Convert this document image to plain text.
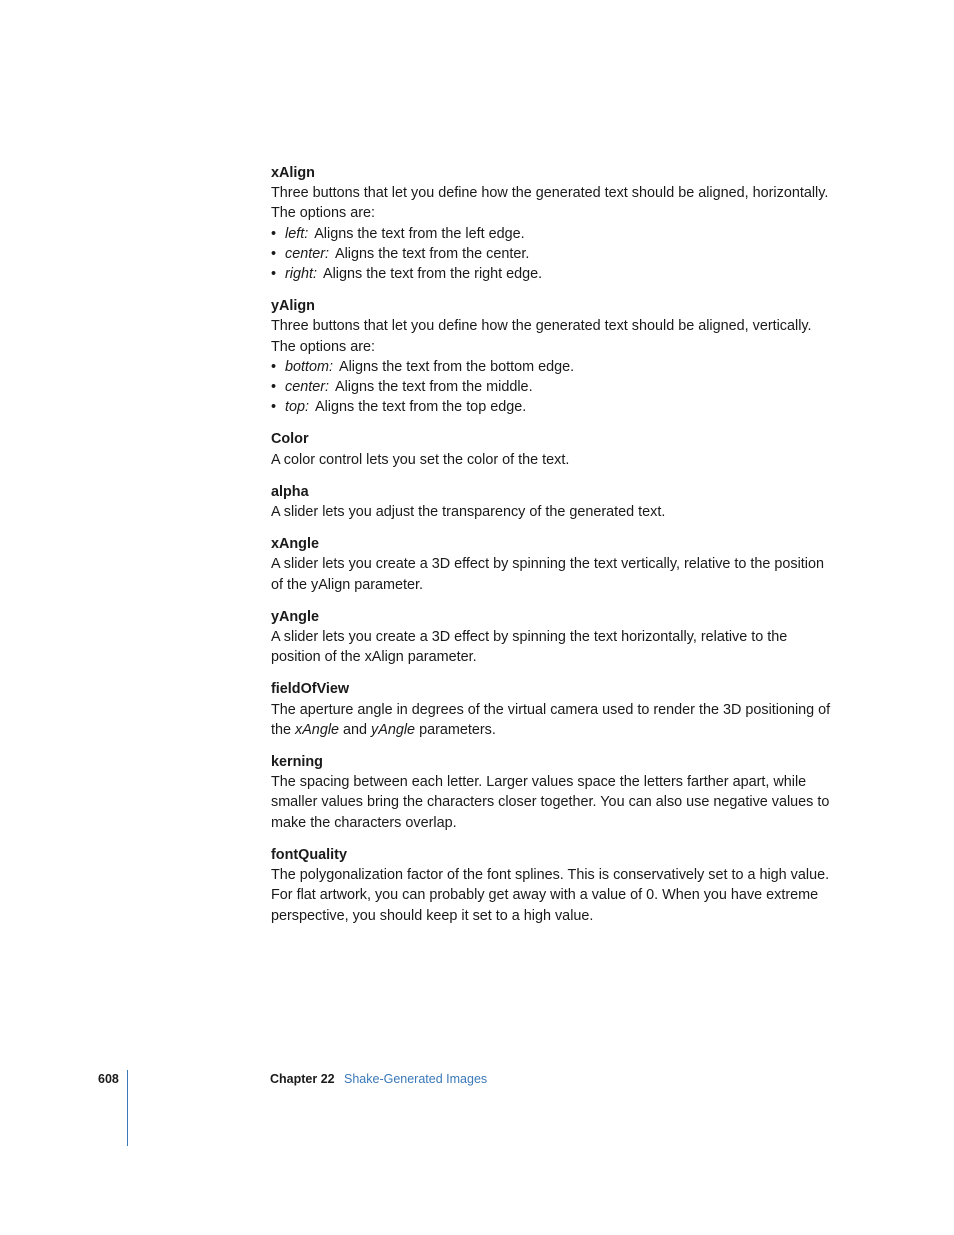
xAlign

Three buttons that let you define how the generated text should be aligned, horizontally. The options are:

• left: Aligns the text from the left edge.
• center: Aligns the text from the center.
• right: Aligns the text from the right edge.
yAlign

Three buttons that let you define how the generated text should be aligned, vertically. The options are:

• bottom: Aligns the text from the bottom edge.
• center: Aligns the text from the middle.
• top: Aligns the text from the top edge.
Color

A color control lets you set the color of the text.

alpha

A slider lets you adjust the transparency of the generated text.

xAngle

A slider lets you create a 3D effect by spinning the text vertically, relative to the position of the yAlign parameter.

yAngle

A slider lets you create a 3D effect by spinning the text horizontally, relative to the position of the xAlign parameter.

fieldOfView

The aperture angle in degrees of the virtual camera used to render the 3D positioning of the xAngle and yAngle parameters.

kerning

The spacing between each letter. Larger values space the letters farther apart, while smaller values bring the characters closer together. You can also use negative values to make the characters overlap.

fontQuality

The polygonalization factor of the font splines. This is conservatively set to a high value. For flat artwork, you can probably get away with a value of 0. When you have extreme perspective, you should keep it set to a high value.

608	Chapter 22 Shake-Generated Images
